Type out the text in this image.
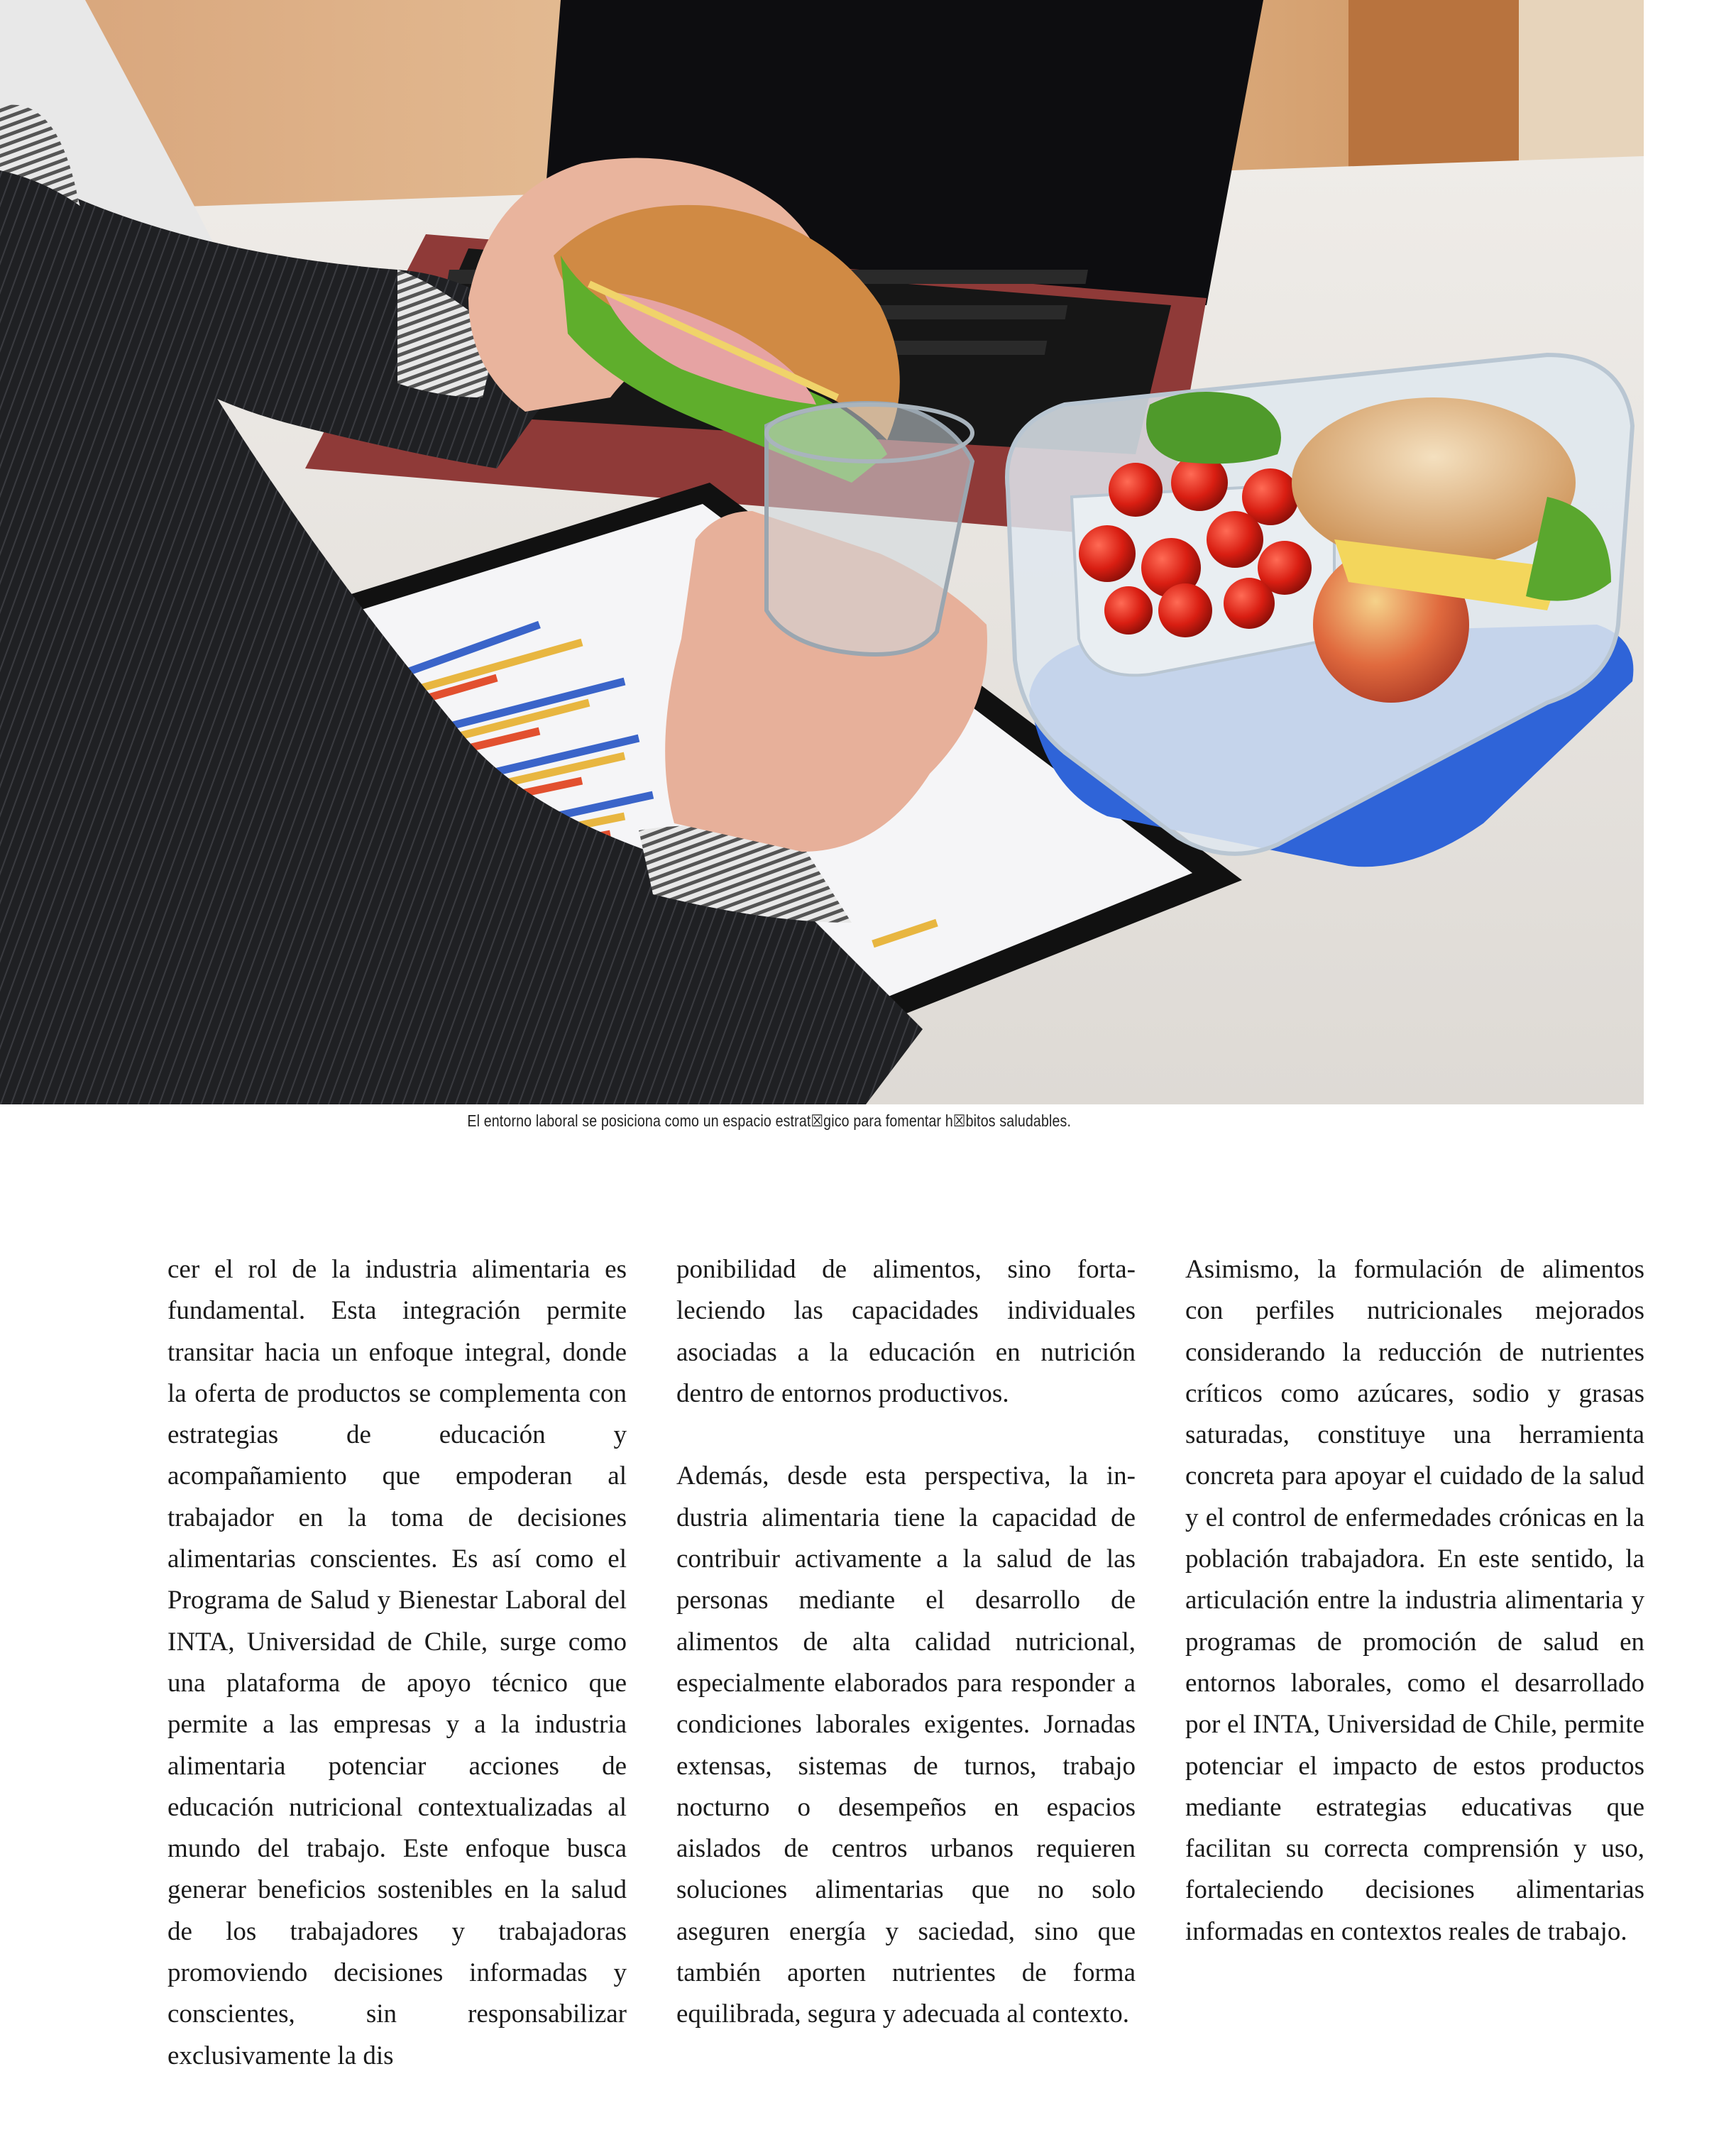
El entorno laboral se posiciona como un espacio estrat☒gico para fomentar h☒bitos saludables.

cer el rol de la industria alimentaria es fundamental. Esta integración permite transitar hacia un enfoque integral, donde la oferta de productos se complementa con estrategias de educación y acompañamiento que empoderan al trabajador en la toma de decisiones alimentarias conscientes. Es así como el Programa de Salud y Bienestar Laboral del INTA, Universidad de Chile, surge como una plataforma de apoyo técnico que permite a las empresas y a la industria alimentaria potenciar acciones de educación nutricional contextualizadas al mundo del trabajo. Este enfoque busca generar beneficios sostenibles en la salud de los trabajadores y trabajadoras promoviendo decisiones informadas y conscientes, sin responsabilizar exclusivamente la dis

ponibilidad de alimentos, sino fortaleciendo las capacidades individuales asociadas a la educación en nutrición dentro de entornos productivos.

Además, desde esta perspectiva, la industria alimentaria tiene la capacidad de contribuir activamente a la salud de las personas mediante el desarrollo de alimentos de alta calidad nutricional, especialmente elaborados para responder a condiciones laborales exigentes. Jornadas extensas, sistemas de turnos, trabajo nocturno o desempeños en espacios aislados de centros urbanos requieren soluciones alimentarias que no solo aseguren energía y saciedad, sino que también aporten nutrientes de forma equilibrada, segura y adecuada al contexto.

Asimismo, la formulación de alimentos con perfiles nutricionales mejorados considerando la reducción de nutrientes críticos como azúcares, sodio y grasas saturadas, constituye una herramienta concreta para apoyar el cuidado de la salud y el control de enfermedades crónicas en la población trabajadora. En este sentido, la articulación entre la industria alimentaria y programas de promoción de salud en entornos laborales, como el desarrollado por el INTA, Universidad de Chile, permite potenciar el impacto de estos productos mediante estrategias educativas que facilitan su correcta comprensión y uso, fortaleciendo decisiones alimentarias informadas en contextos reales de trabajo.
